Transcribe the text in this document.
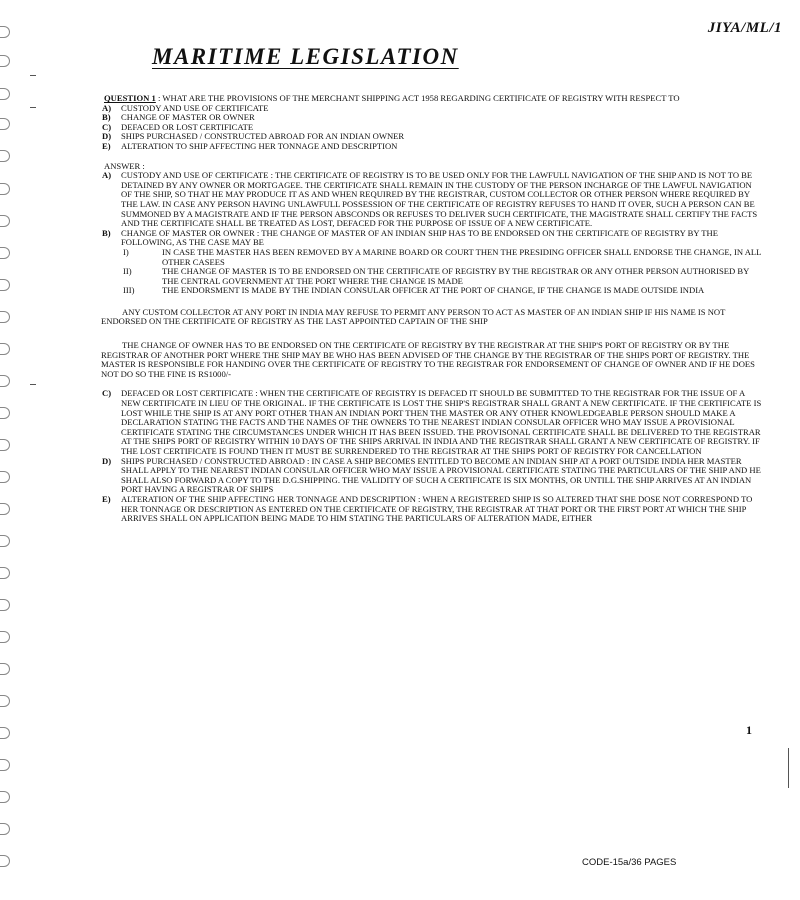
JIYA/ML/1
MARITIME LEGISLATION
QUESTION 1 : WHAT ARE THE PROVISIONS OF THE MERCHANT SHIPPING ACT 1958 REGARDING CERTIFICATE OF REGISTRY WITH RESPECT TO
A)	CUSTODY AND USE OF CERTIFICATE
B)	CHANGE OF MASTER OR OWNER
C)	DEFACED OR LOST CERTIFICATE
D)	SHIPS PURCHASED / CONSTRUCTED ABROAD FOR AN INDIAN OWNER
E)	ALTERATION TO SHIP AFFECTING HER TONNAGE AND DESCRIPTION
ANSWER :
A)	CUSTODY AND USE OF CERTIFICATE : THE CERTIFICATE OF REGISTRY IS TO BE USED ONLY FOR THE LAWFULL NAVIGATION OF THE SHIP AND IS NOT TO BE DETAINED BY ANY OWNER OR MORTGAGEE. THE CERTIFICATE SHALL REMAIN IN THE CUSTODY OF THE PERSON INCHARGE OF THE LAWFUL NAVIGATION OF THE SHIP, SO THAT HE MAY PRODUCE IT AS AND WHEN REQUIRED BY THE REGISTRAR, CUSTOM COLLECTOR OR OTHER PERSON WHERE REQUIRED BY THE LAW. IN CASE ANY PERSON HAVING UNLAWFULL POSSESSION OF THE CERTIFICATE OF REGISTRY REFUSES TO HAND IT OVER, SUCH A PERSON CAN BE SUMMONED BY A MAGISTRATE AND IF THE PERSON ABSCONDS OR REFUSES TO DELIVER SUCH CERTIFICATE, THE MAGISTRATE SHALL CERTIFY THE FACTS AND THE CERTIFICATE SHALL BE TREATED AS LOST, DEFACED FOR THE PURPOSE OF ISSUE OF A NEW CERTIFICATE.
B)	CHANGE OF MASTER OR OWNER : THE CHANGE OF MASTER OF AN INDIAN SHIP HAS TO BE ENDORSED ON THE CERTIFICATE OF REGISTRY BY THE FOLLOWING, AS THE CASE MAY BE
I)	IN CASE THE MASTER HAS BEEN REMOVED BY A MARINE BOARD OR COURT THEN THE PRESIDING OFFICER SHALL ENDORSE THE CHANGE, IN ALL OTHER CASEES
II)	THE CHANGE OF MASTER IS TO BE ENDORSED ON THE CERTIFICATE OF REGISTRY BY THE REGISTRAR OR ANY OTHER PERSON AUTHORISED BY THE CENTRAL GOVERNMENT AT THE PORT WHERE THE CHANGE IS MADE
III)	THE ENDORSMENT IS MADE BY THE INDIAN CONSULAR OFFICER AT THE PORT OF CHANGE, IF THE CHANGE IS MADE OUTSIDE INDIA
ANY CUSTOM COLLECTOR AT ANY PORT IN INDIA MAY REFUSE TO PERMIT ANY PERSON TO ACT AS MASTER OF AN INDIAN SHIP IF HIS NAME IS NOT ENDORSED ON THE CERTIFICATE OF REGISTRY AS THE LAST APPOINTED CAPTAIN OF THE SHIP
THE CHANGE OF OWNER HAS TO BE ENDORSED ON THE CERTIFICATE OF REGISTRY BY THE REGISTRAR AT THE SHIP'S PORT OF REGISTRY OR BY THE REGISTRAR OF ANOTHER PORT WHERE THE SHIP MAY BE WHO HAS BEEN ADVISED OF THE CHANGE BY THE REGISTRAR OF THE SHIPS PORT OF REGISTRY. THE MASTER IS RESPONSIBLE FOR HANDING OVER THE CERTIFICATE OF REGISTRY TO THE REGISTRAR FOR ENDORSEMENT OF CHANGE OF OWNER AND IF HE DOES NOT DO SO THE FINE IS RS1000/-
C)	DEFACED OR LOST CERTIFICATE : WHEN THE CERTIFICATE OF REGISTRY IS DEFACED IT SHOULD BE SUBMITTED TO THE REGISTRAR FOR THE ISSUE OF A NEW CERTIFICATE IN LIEU OF THE ORIGINAL. IF THE CERTIFICATE IS LOST THE SHIP'S REGISTRAR SHALL GRANT A NEW CERTIFICATE. IF THE CERTIFICATE IS LOST WHILE THE SHIP IS AT ANY PORT OTHER THAN AN INDIAN PORT THEN THE MASTER OR ANY OTHER KNOWLEDGEABLE PERSON SHOULD MAKE A DECLARATION STATING THE FACTS AND THE NAMES OF THE OWNERS TO THE NEAREST INDIAN CONSULAR OFFICER WHO MAY ISSUE A PROVISIONAL CERTIFICATE STATING THE CIRCUMSTANCES UNDER WHICH IT HAS BEEN ISSUED. THE PROVISONAL CERTIFICATE SHALL BE DELIVERED TO THE REGISTRAR AT THE SHIPS PORT OF REGISTRY WITHIN 10 DAYS OF THE SHIPS ARRIVAL IN INDIA AND THE REGISTRAR SHALL GRANT A NEW CERTIFICATE OF REGISTRY. IF THE LOST CERTIFICATE IS FOUND THEN IT MUST BE SURRENDERED TO THE REGISTRAR AT THE SHIPS PORT OF REGISTRY FOR CANCELLATION
D)	SHIPS PURCHASED / CONSTRUCTED ABROAD : IN CASE A SHIP BECOMES ENTITLED TO BECOME AN INDIAN SHIP AT A PORT OUTSIDE INDIA HER MASTER SHALL APPLY TO THE NEAREST INDIAN CONSULAR OFFICER WHO MAY ISSUE A PROVISIONAL CERTIFICATE STATING THE PARTICULARS OF THE SHIP AND HE SHALL ALSO FORWARD A COPY TO THE D.G.SHIPPING. THE VALIDITY OF SUCH A CERTIFICATE IS SIX MONTHS, OR UNTILL THE SHIP ARRIVES AT AN INDIAN PORT HAVING A REGISTRAR OF SHIPS
E)	ALTERATION OF THE SHIP AFFECTING HER TONNAGE AND DESCRIPTION : WHEN A REGISTERED SHIP IS SO ALTERED THAT SHE DOSE NOT CORRESPOND TO HER TONNAGE OR DESCRIPTION AS ENTERED ON THE CERTIFICATE OF REGISTRY, THE REGISTRAR AT THAT PORT OR THE FIRST PORT AT WHICH THE SHIP ARRIVES SHALL ON APPLICATION BEING MADE TO HIM STATING THE PARTICULARS OF ALTERATION MADE, EITHER
1
CODE-15a/36 PAGES
